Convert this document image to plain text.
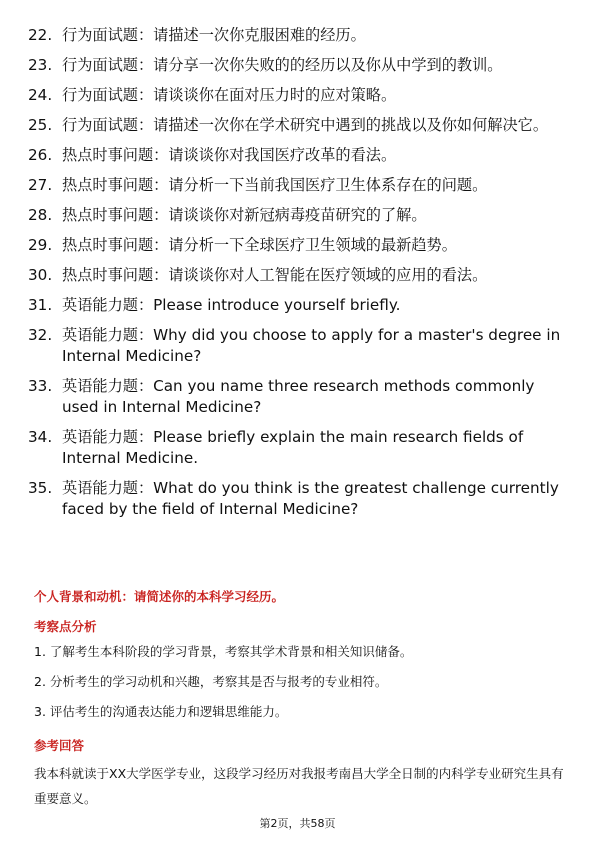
22. 行为面试题：请描述一次你克服困难的经历。
23. 行为面试题：请分享一次你失败的的经历以及你从中学到的教训。
24. 行为面试题：请谈谈你在面对压力时的应对策略。
25. 行为面试题：请描述一次你在学术研究中遇到的挑战以及你如何解决它。
26. 热点时事问题：请谈谈你对我国医疗改革的看法。
27. 热点时事问题：请分析一下当前我国医疗卫生体系存在的问题。
28. 热点时事问题：请谈谈你对新冠病毒疫苗研究的了解。
29. 热点时事问题：请分析一下全球医疗卫生领域的最新趋势。
30. 热点时事问题：请谈谈你对人工智能在医疗领域的应用的看法。
31. 英语能力题：Please introduce yourself briefly.
32. 英语能力题：Why did you choose to apply for a master's degree in Internal Medicine?
33. 英语能力题：Can you name three research methods commonly used in Internal Medicine?
34. 英语能力题：Please briefly explain the main research fields of Internal Medicine.
35. 英语能力题：What do you think is the greatest challenge currently faced by the field of Internal Medicine?
个人背景和动机：请简述你的本科学习经历。
考察点分析
1. 了解考生本科阶段的学习背景，考察其学术背景和相关知识储备。
2. 分析考生的学习动机和兴趣，考察其是否与报考的专业相符。
3. 评估考生的沟通表达能力和逻辑思维能力。
参考回答

我本科就读于XX大学医学专业，这段学习经历对我报考南昌大学全日制的内科学专业研究生具有重要意义。

第2页，共58页
